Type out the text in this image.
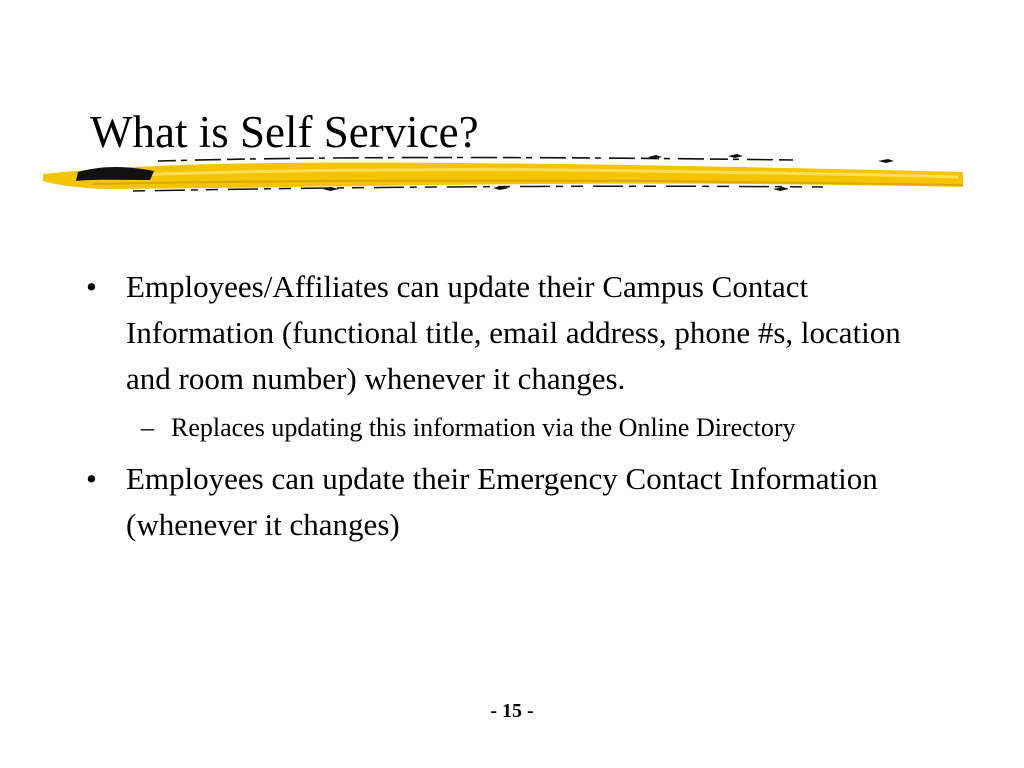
What is Self Service?
• Employees/Affiliates can update their Campus Contact Information (functional title, email address, phone #s, location and room number) whenever it changes.
– Replaces updating this information via the Online Directory
• Employees can update their Emergency Contact Information (whenever it changes)
- 15 -
